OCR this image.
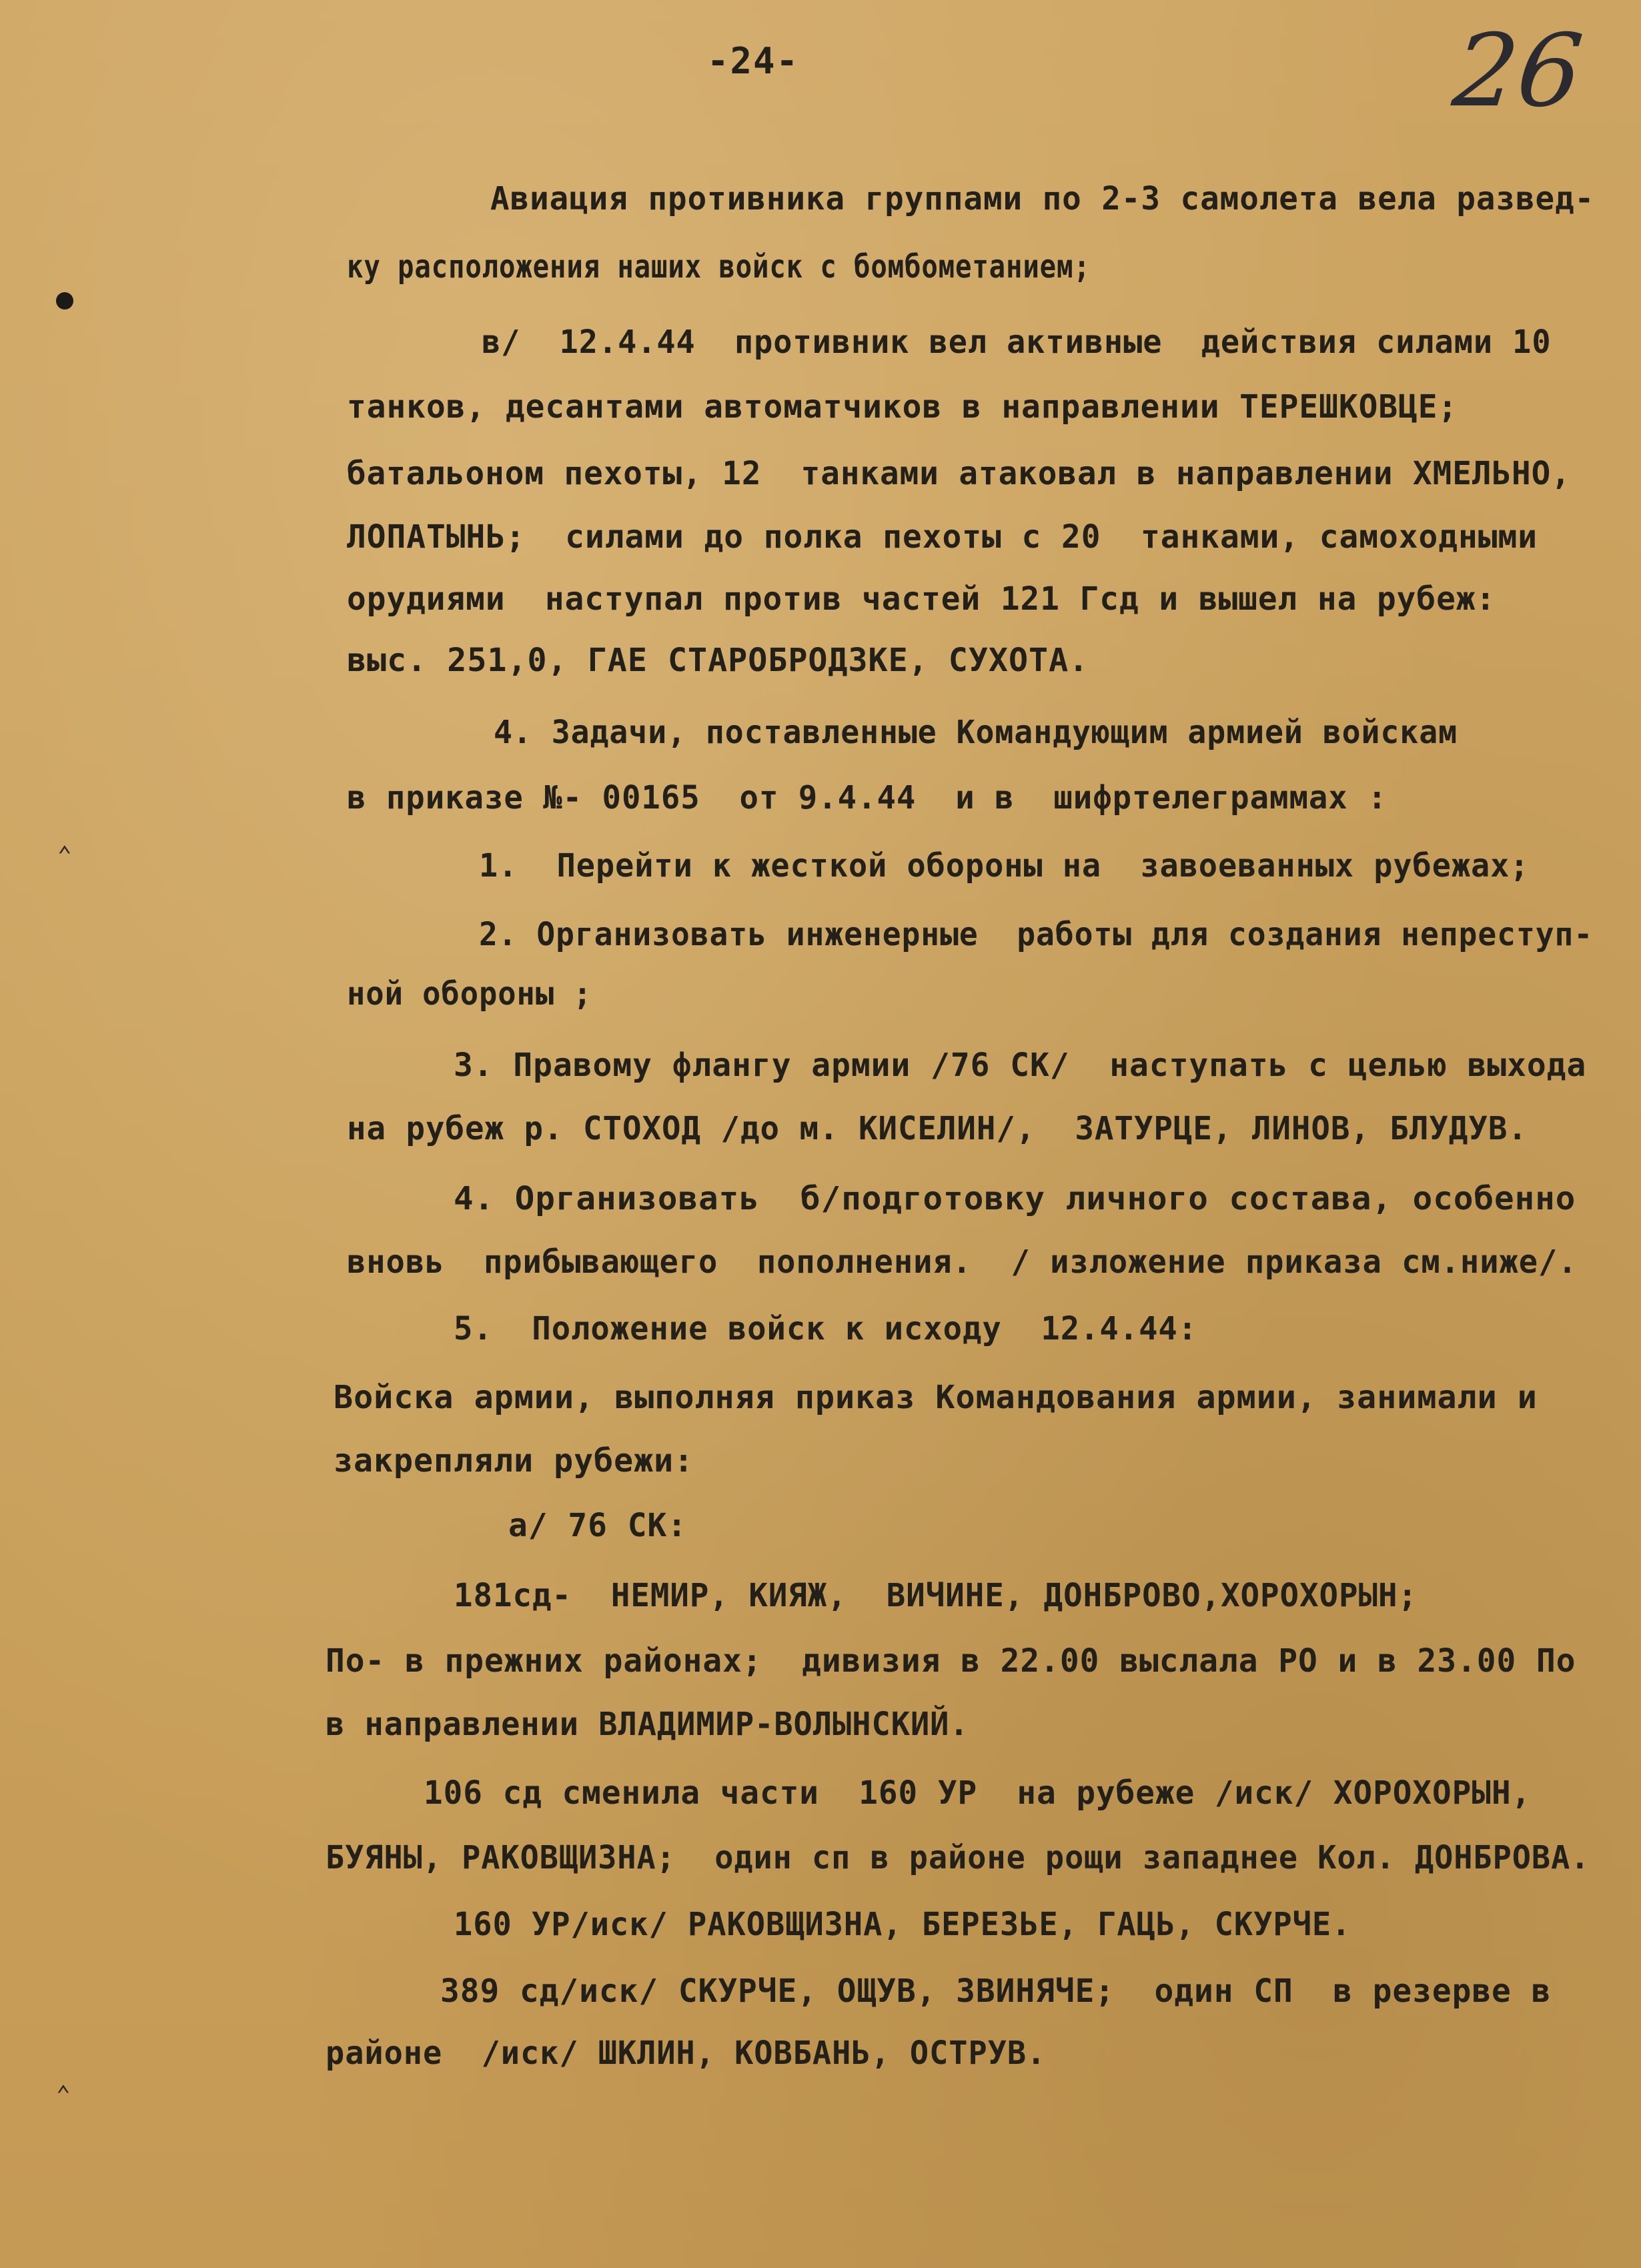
-24-	26
⌃
⌃
Авиация противника группами по 2-3 самолета вела развед-
ку расположения наших войск с бомбометанием;
в/  12.4.44  противник вел активные  действия силами 10
танков, десантами автоматчиков в направлении ТЕРЕШКОВЦЕ;
батальоном пехоты, 12  танками атаковал в направлении ХМЕЛЬНО,
ЛОПАТЫНЬ;  силами до полка пехоты с 20  танками, самоходными
орудиями  наступал против частей 121 Гсд и вышел на рубеж:
выс. 251,0, ГАЕ СТАРОБРОДЗКЕ, СУХОТА.
4. Задачи, поставленные Командующим армией войскам
в приказе №- 00165  от 9.4.44  и в  шифртелеграммах :
1.  Перейти к жесткой обороны на  завоеванных рубежах;
2. Организовать инженерные  работы для создания непреступ-
ной обороны ;
3. Правому флангу армии /76 СК/  наступать с целью выхода
на рубеж р. СТОХОД /до м. КИСЕЛИН/,  ЗАТУРЦЕ, ЛИНОВ, БЛУДУВ.
4. Организовать  б/подготовку личного состава, особенно
вновь  прибывающего  пополнения.  / изложение приказа см.ниже/.
5.  Положение войск к исходу  12.4.44:
Войска армии, выполняя приказ Командования армии, занимали и
закрепляли рубежи:
а/ 76 СК:
181сд-  НЕМИР, КИЯЖ,  ВИЧИНЕ, ДОНБРОВО,ХОРОХОРЫН;
По- в прежних районах;  дивизия в 22.00 выслала РО и в 23.00 По
в направлении ВЛАДИМИР-ВОЛЫНСКИЙ.
106 сд сменила части  160 УР  на рубеже /иск/ ХОРОХОРЫН,
БУЯНЫ, РАКОВЩИЗНА;  один сп в районе рощи западнее Кол. ДОНБРОВА.
160 УР/иск/ РАКОВЩИЗНА, БЕРЕЗЬЕ, ГАЦЬ, СКУРЧЕ.
389 сд/иск/ СКУРЧЕ, ОЩУВ, ЗВИНЯЧЕ;  один СП  в резерве в
районе  /иск/ ШКЛИН, КОВБАНЬ, ОСТРУВ.
